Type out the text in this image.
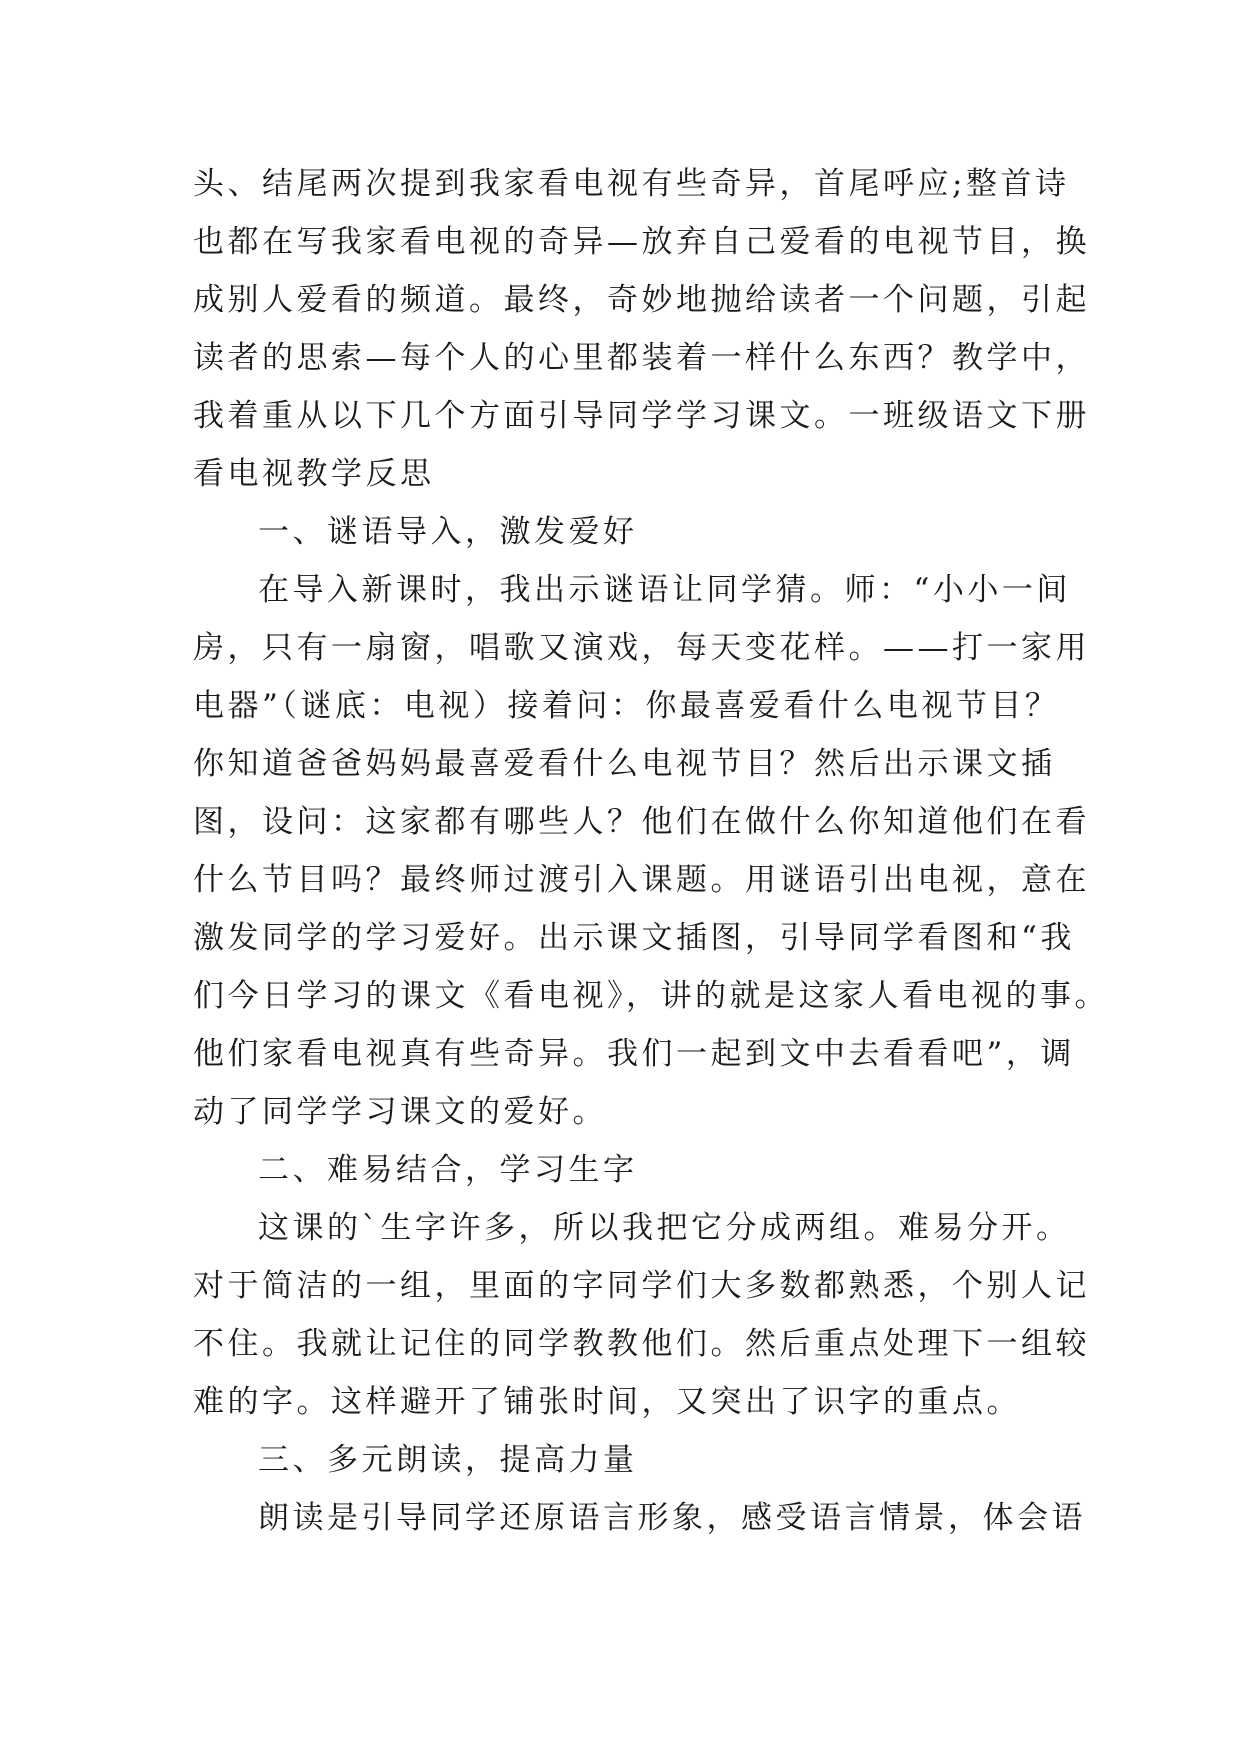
头、结尾两次提到我家看电视有些奇异，首尾呼应;整首诗
也都在写我家看电视的奇异—放弃自己爱看的电视节目，换
成别人爱看的频道。最终，奇妙地抛给读者一个问题，引起
读者的思索—每个人的心里都装着一样什么东西？教学中，
我着重从以下几个方面引导同学学习课文。一班级语文下册
看电视教学反思
一、谜语导入，激发爱好
在导入新课时，我出示谜语让同学猜。师：“小小一间
房，只有一扇窗，唱歌又演戏，每天变花样。——打一家用
电器”（谜底：电视）接着问：你最喜爱看什么电视节目？
你知道爸爸妈妈最喜爱看什么电视节目？然后出示课文插
图，设问：这家都有哪些人？他们在做什么你知道他们在看
什么节目吗？最终师过渡引入课题。用谜语引出电视，意在
激发同学的学习爱好。出示课文插图，引导同学看图和“我
们今日学习的课文《看电视》，讲的就是这家人看电视的事。
他们家看电视真有些奇异。我们一起到文中去看看吧”，调
动了同学学习课文的爱好。
二、难易结合，学习生字
这课的`生字许多，所以我把它分成两组。难易分开。
对于简洁的一组，里面的字同学们大多数都熟悉，个别人记
不住。我就让记住的同学教教他们。然后重点处理下一组较
难的字。这样避开了铺张时间，又突出了识字的重点。
三、多元朗读，提高力量
朗读是引导同学还原语言形象，感受语言情景，体会语
